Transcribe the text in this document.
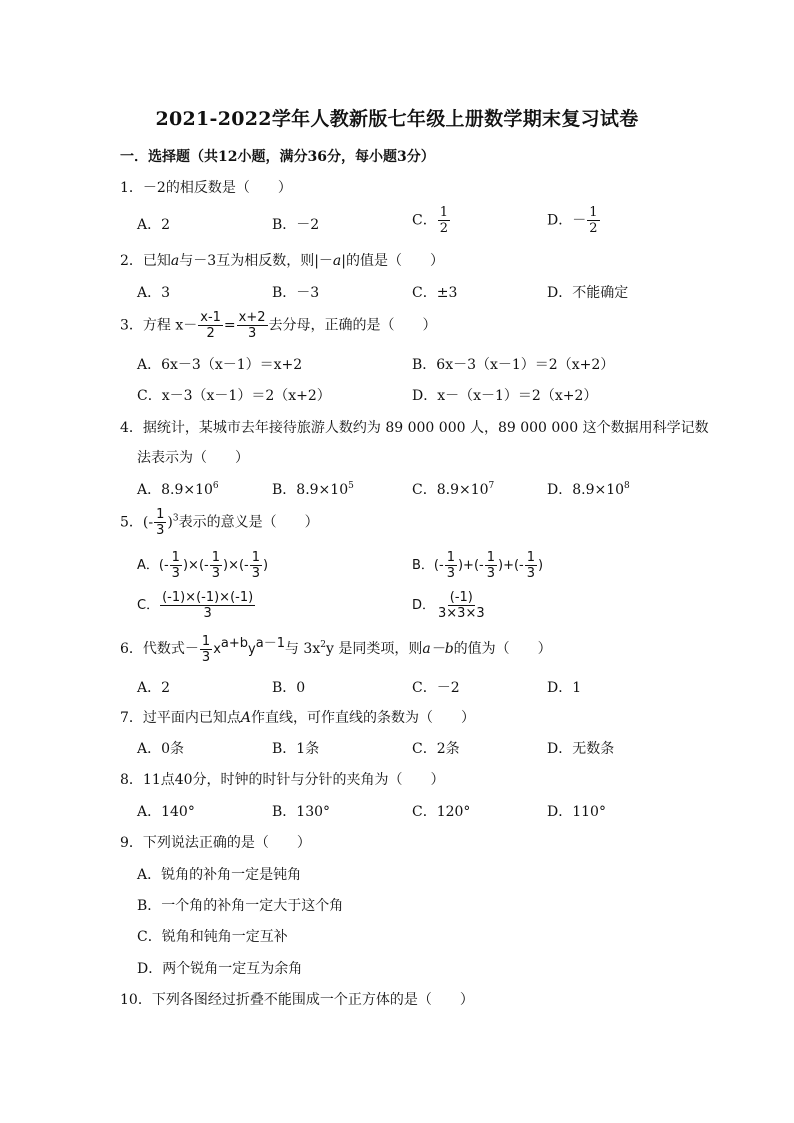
2021-2022学年人教新版七年级上册数学期末复习试卷
一．选择题（共12小题，满分36分，每小题3分）
1．－2的相反数是（　　）
A．2	B．－2	C． $\frac{1}{2}$	D．－ $\frac{1}{2}$
2．已知a与－3互为相反数，则|－a|的值是（　　）
A．3	B．－3	C．±3	D．不能确定
3．方程 $x- \frac{x-1}{2} = \frac{x+2}{3}$ 去分母，正确的是（　　）
A．6x－3（x－1）＝x+2	B．6x－3（x－1）＝2（x+2）
C．x－3（x－1）＝2（x+2）	D．x－（x－1）＝2（x+2）
4．据统计，某城市去年接待旅游人数约为 89 000 000 人，89 000 000 这个数据用科学记数
法表示为（　　）
A．$8.9\times 10^6$	B．$8.9\times 10^5$	C．$8.9\times 10^7$	D．$8.9\times 10^8$
5．(- $\frac{1}{3} )^3$表示的意义是（　　）
A．(- $\frac{1}{3}$ )×(- $\frac{1}{3}$ )×(- $\frac{1}{3}$ )	B．(- $\frac{1}{3}$ )+(- $\frac{1}{3}$ )+(- $\frac{1}{3}$ )
C． $\frac{(-1)\times(-1)\times(-1)}{3}$	D． $\frac{(-1)}{3\times 3\times 3}$
6．代数式－ $\frac{1}{3} x^{a+b}y^{a-1}$与 $3x^2y$ 是同类项，则a－b的值为（　　）
A．2	B．0	C．－2	D．1
7．过平面内已知点A作直线，可作直线的条数为（　　）
A．0条	B．1条	C．2条	D．无数条
8．11点40分，时钟的时针与分针的夹角为（　　）
A．140°	B．130°	C．120°	D．110°
9．下列说法正确的是（　　）
A．锐角的补角一定是钝角
B．一个角的补角一定大于这个角
C．锐角和钝角一定互补
D．两个锐角一定互为余角
10．下列各图经过折叠不能围成一个正方体的是（　　）
